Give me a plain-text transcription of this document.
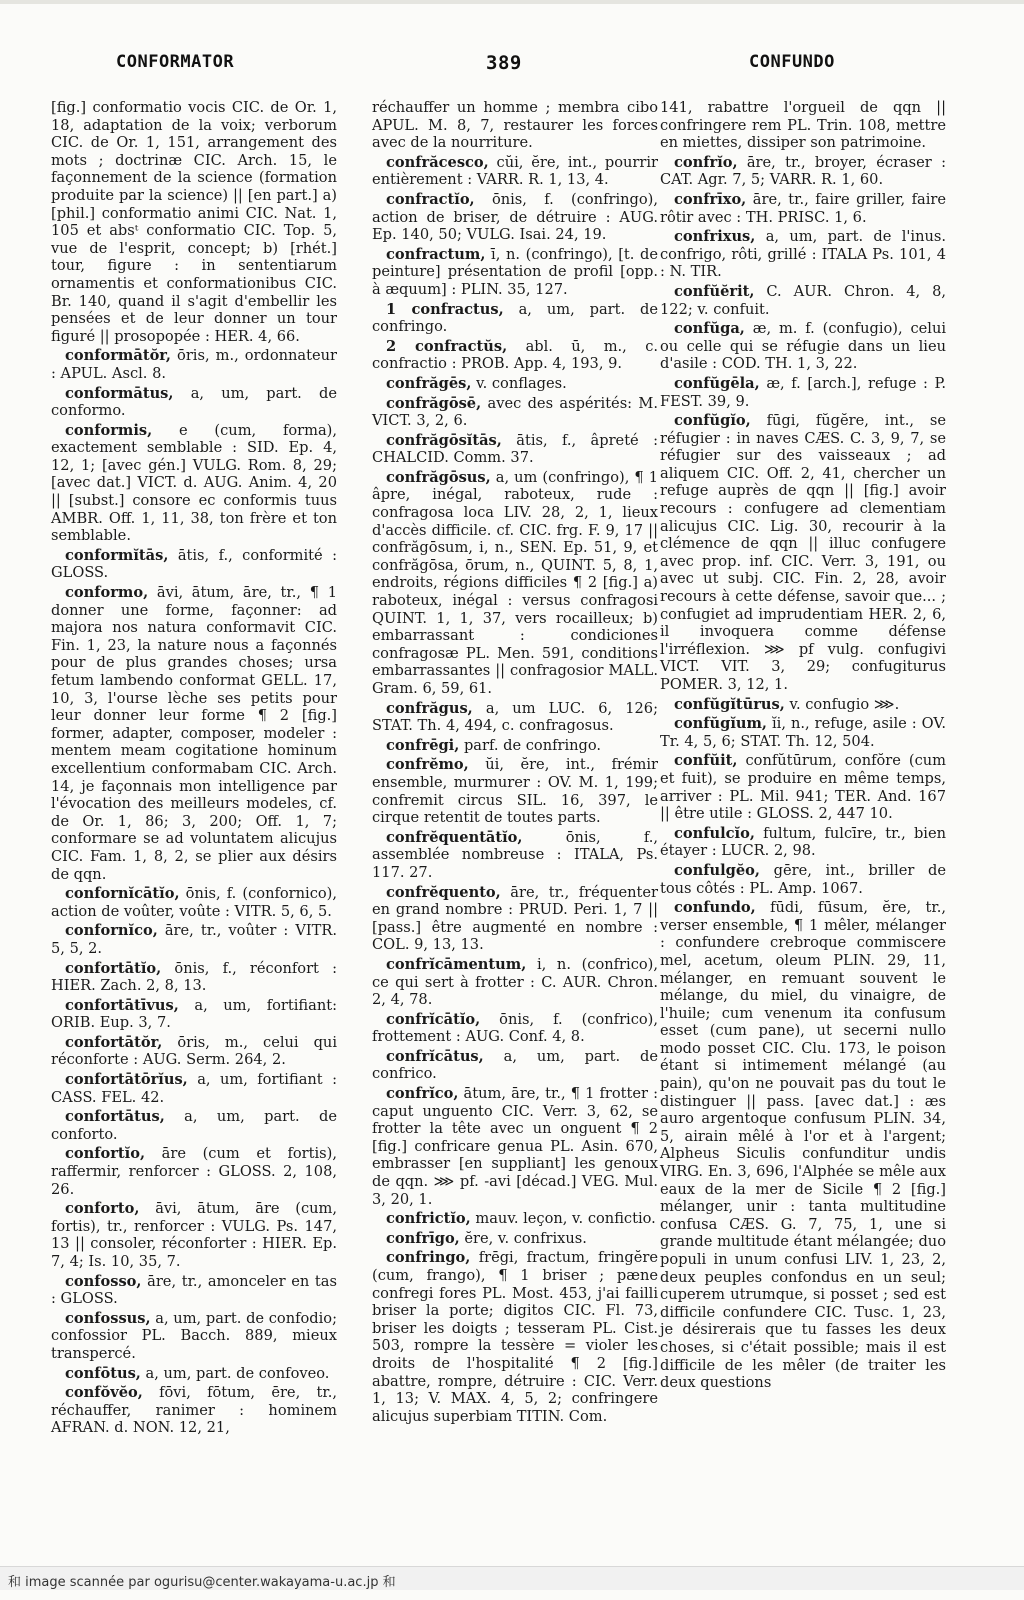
CONFORMATOR	389	CONFUNDO

[fig.] conformatio vocis CIC. de Or. 1, 18, adaptation de la voix; verborum CIC. de Or. 1, 151, arrangement des mots ; doctrinæ CIC. Arch. 15, le façonnement de la science (formation produite par la science) || [en part.] a) [phil.] conformatio animi CIC. Nat. 1, 105 et absᵗ conformatio CIC. Top. 5, vue de l'esprit, concept; b) [rhét.] tour, figure : in sententiarum ornamentis et conformationibus CIC. Br. 140, quand il s'agit d'embellir les pensées et de leur donner un tour figuré || prosopopée : HER. 4, 66.

conformātŏr, ōris, m., ordonnateur : APUL. Ascl. 8.

conformātus, a, um, part. de conformo.

conformis, e (cum, forma), exactement semblable : SID. Ep. 4, 12, 1; [avec gén.] VULG. Rom. 8, 29; [avec dat.] VICT. d. AUG. Anim. 4, 20 || [subst.] consore ec conformis tuus AMBR. Off. 1, 11, 38, ton frère et ton semblable.

conformĭtās, ātis, f., conformité : GLOSS.

conformo, āvi, ātum, āre, tr., ¶ 1 donner une forme, façonner: ad majora nos natura conformavit CIC. Fin. 1, 23, la nature nous a façonnés pour de plus grandes choses; ursa fetum lambendo conformat GELL. 17, 10, 3, l'ourse lèche ses petits pour leur donner leur forme ¶ 2 [fig.] former, adapter, composer, modeler : mentem meam cogitatione hominum excellentium conformabam CIC. Arch. 14, je façonnais mon intelligence par l'évocation des meilleurs modeles, cf. de Or. 1, 86; 3, 200; Off. 1, 7; conformare se ad voluntatem alicujus CIC. Fam. 1, 8, 2, se plier aux désirs de qqn.

confornĭcātĭo, ōnis, f. (confornico), action de voûter, voûte : VITR. 5, 6, 5.

confornĭco, āre, tr., voûter : VITR. 5, 5, 2.

confortātĭo, ōnis, f., réconfort : HIER. Zach. 2, 8, 13.

confortātīvus, a, um, fortifiant: ORIB. Eup. 3, 7.

confortātŏr, ōris, m., celui qui réconforte : AUG. Serm. 264, 2.

confortātōrĭus, a, um, fortifiant : CASS. FEL. 42.

confortātus, a, um, part. de conforto.

confortĭo, āre (cum et fortis), raffermir, renforcer : GLOSS. 2, 108, 26.

conforto, āvi, ātum, āre (cum, fortis), tr., renforcer : VULG. Ps. 147, 13 || consoler, réconforter : HIER. Ep. 7, 4; Is. 10, 35, 7.

confosso, āre, tr., amonceler en tas : GLOSS.

confossus, a, um, part. de confodio; confossior PL. Bacch. 889, mieux transpercé.

confōtus, a, um, part. de confoveo.

confŏvĕo, fōvi, fōtum, ēre, tr., réchauffer, ranimer : hominem AFRAN. d. NON. 12, 21,

réchauffer un homme ; membra cibo APUL. M. 8, 7, restaurer les forces avec de la nourriture.

confrăcesco, cŭi, ĕre, int., pourrir entièrement : VARR. R. 1, 13, 4.

confractĭo, ōnis, f. (confringo), action de briser, de détruire : AUG. Ep. 140, 50; VULG. Isai. 24, 19.

confractum, ī, n. (confringo), [t. de peinture] présentation de profil [opp. à æquum] : PLIN. 35, 127.

1 confractus, a, um, part. de confringo.

2 confractŭs, abl. ū, m., c. confractio : PROB. App. 4, 193, 9.

confrăgēs, v. conflages.

confrăgōsē, avec des aspérités: M. VICT. 3, 2, 6.

confrăgōsĭtās, ātis, f., âpreté : CHALCID. Comm. 37.

confrăgōsus, a, um (confringo), ¶ 1 âpre, inégal, raboteux, rude : confragosa loca LIV. 28, 2, 1, lieux d'accès difficile. cf. CIC. frg. F. 9, 17 || confrăgōsum, i, n., SEN. Ep. 51, 9, et confrăgōsa, ōrum, n., QUINT. 5, 8, 1, endroits, régions difficiles ¶ 2 [fig.] a) raboteux, inégal : versus confragosi QUINT. 1, 1, 37, vers rocailleux; b) embarrassant : condiciones confragosæ PL. Men. 591, conditions embarrassantes || confragosior MALL. Gram. 6, 59, 61.

confrăgus, a, um LUC. 6, 126; STAT. Th. 4, 494, c. confragosus.

confrēgi, parf. de confringo.

confrĕmo, ŭi, ĕre, int., frémir ensemble, murmurer : OV. M. 1, 199; confremit circus SIL. 16, 397, le cirque retentit de toutes parts.

confrĕquentātĭo,	ōnis, f., assemblée nombreuse : ITALA, Ps. 117. 27.

confrĕquento, āre, tr., fréquenter en grand nombre : PRUD. Peri. 1, 7 || [pass.] être augmenté en nombre : COL. 9, 13, 13.

confrĭcāmentum, i, n. (confrico), ce qui sert à frotter : C. AUR. Chron. 2, 4, 78.

confrĭcātĭo, ōnis, f. (confrico), frottement : AUG. Conf. 4, 8.

confrĭcātus, a, um, part. de confrico.

confrĭco, ātum, āre, tr., ¶ 1 frotter : caput unguento CIC. Verr. 3, 62, se frotter la tête avec un onguent ¶ 2 [fig.] confricare genua PL. Asin. 670, embrasser [en suppliant] les genoux de qqn. ⋙ pf. -avi [décad.] VEG. Mul. 3, 20, 1.

confrictĭo, mauv. leçon, v. confictio.

confrīgo, ĕre, v. confrixus.

confringo, frēgi, fractum, fringĕre (cum, frango), ¶ 1 briser ; pæne confregi fores PL. Most. 453, j'ai failli briser la porte; digitos CIC. Fl. 73, briser les doigts ; tesseram PL. Cist. 503, rompre la tessère = violer les droits de l'hospitalité ¶ 2 [fig.] abattre, rompre, détruire : CIC. Verr. 1, 13; V. MAX. 4, 5, 2; confringere alicujus superbiam TITIN. Com.

141, rabattre l'orgueil de qqn || confringere rem PL. Trin. 108, mettre en miettes, dissiper son patrimoine.

confrĭo, āre, tr., broyer, écraser : CAT. Agr. 7, 5; VARR. R. 1, 60.

confrīxo, āre, tr., faire griller, faire rôtir avec : TH. PRISC. 1, 6.

confrixus, a, um, part. de l'inus. confrigo, rôti, grillé : ITALA Ps. 101, 4 : N. TIR.

confŭĕrit, C. AUR. Chron. 4, 8, 122; v. confuit.

confŭga, æ, m. f. (confugio), celui ou celle qui se réfugie dans un lieu d'asile : COD. TH. 1, 3, 22.

confŭgēla, æ, f. [arch.], refuge : P. FEST. 39, 9.

confŭgĭo, fūgi, fŭgĕre, int., se réfugier : in naves CÆS. C. 3, 9, 7, se réfugier sur des vaisseaux ; ad aliquem CIC. Off. 2, 41, chercher un refuge auprès de qqn || [fig.] avoir recours : confugere ad clementiam alicujus CIC. Lig. 30, recourir à la clémence de qqn || illuc confugere avec prop. inf. CIC. Verr. 3, 191, ou avec ut subj. CIC. Fin. 2, 28, avoir recours à cette défense, savoir que... ; confugiet ad imprudentiam HER. 2, 6, il invoquera comme défense l'irréflexion. ⋙ pf vulg. confugivi VICT. VIT. 3, 29; confugiturus POMER. 3, 12, 1.

confŭgĭtūrus, v. confugio ⋙.

confŭgĭum, ĭi, n., refuge, asile : OV. Tr. 4, 5, 6; STAT. Th. 12, 504.

confŭit, confŭtūrum, confŏre (cum et fuit), se produire en même temps, arriver : PL. Mil. 941; TER. And. 167 || être utile : GLOSS. 2, 447 10.

confulcĭo, fultum, fulcīre, tr., bien étayer : LUCR. 2, 98.

confulgĕo, gēre, int., briller de tous côtés : PL. Amp. 1067.

confundo, fūdi, fūsum, ĕre, tr., verser ensemble, ¶ 1 mêler, mélanger : confundere crebroque commiscere mel, acetum, oleum PLIN. 29, 11, mélanger, en remuant souvent le mélange, du miel, du vinaigre, de l'huile; cum venenum ita confusum esset (cum pane), ut secerni nullo modo posset CIC. Clu. 173, le poison étant si intimement mélangé (au pain), qu'on ne pouvait pas du tout le distinguer || pass. [avec dat.] : æs auro argentoque confusum PLIN. 34, 5, airain mêlé à l'or et à l'argent; Alpheus Siculis confunditur undis VIRG. En. 3, 696, l'Alphée se mêle aux eaux de la mer de Sicile ¶ 2 [fig.] mélanger, unir : tanta multitudine confusa CÆS. G. 7, 75, 1, une si grande multitude étant mélangée; duo populi in unum confusi LIV. 1, 23, 2, deux peuples confondus en un seul; cuperem utrumque, si posset ; sed est difficile confundere CIC. Tusc. 1, 23, je désirerais que tu fasses les deux choses, si c'était possible; mais il est difficile de les mêler (de traiter les deux questions

和 image scannée par ogurisu@center.wakayama-u.ac.jp 和
